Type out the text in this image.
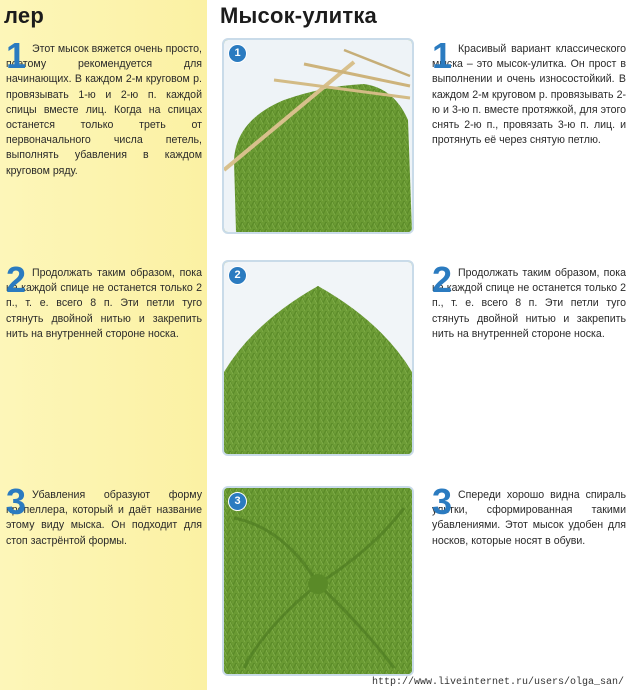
лер	Мысок-улитка
1 Этот мысок вяжется очень просто, поэтому рекомендуется для начинающих. В каждом 2-м круговом р. провязывать 1-ю и 2-ю п. каждой спицы вместе лиц. Когда на спицах останется только треть от первоначального числа петель, выполнять убавления в каждом круговом ряду.
2 Продолжать таким образом, пока на каждой спице не останется только 2 п., т. е. всего 8 п. Эти петли туго стянуть двойной нитью и закрепить нить на внутренней стороне носка.
3 Убавления образуют форму пропеллера, который и даёт название этому виду мыска. Он подходит для стоп застрёнтой формы.
1
2
3
1 Красивый вариант классического мыска – это мысок-улитка. Он прост в выполнении и очень износостойкий. В каждом 2-м круговом р. провязывать 2-ю и 3-ю п. вместе протяжкой, для этого снять 2-ю п., провязать 3-ю п. лиц. и протянуть её через снятую петлю.
2 Продолжать таким образом, пока на каждой спице не останется только 2 п., т. е. всего 8 п. Эти петли туго стянуть двойной нитью и закрепить нить на внутренней стороне носка.
3 Спереди хорошо видна спираль улитки, сформированная такими убавлениями. Этот мысок удобен для носков, которые носят в обуви.
http://www.liveinternet.ru/users/olga_san/
